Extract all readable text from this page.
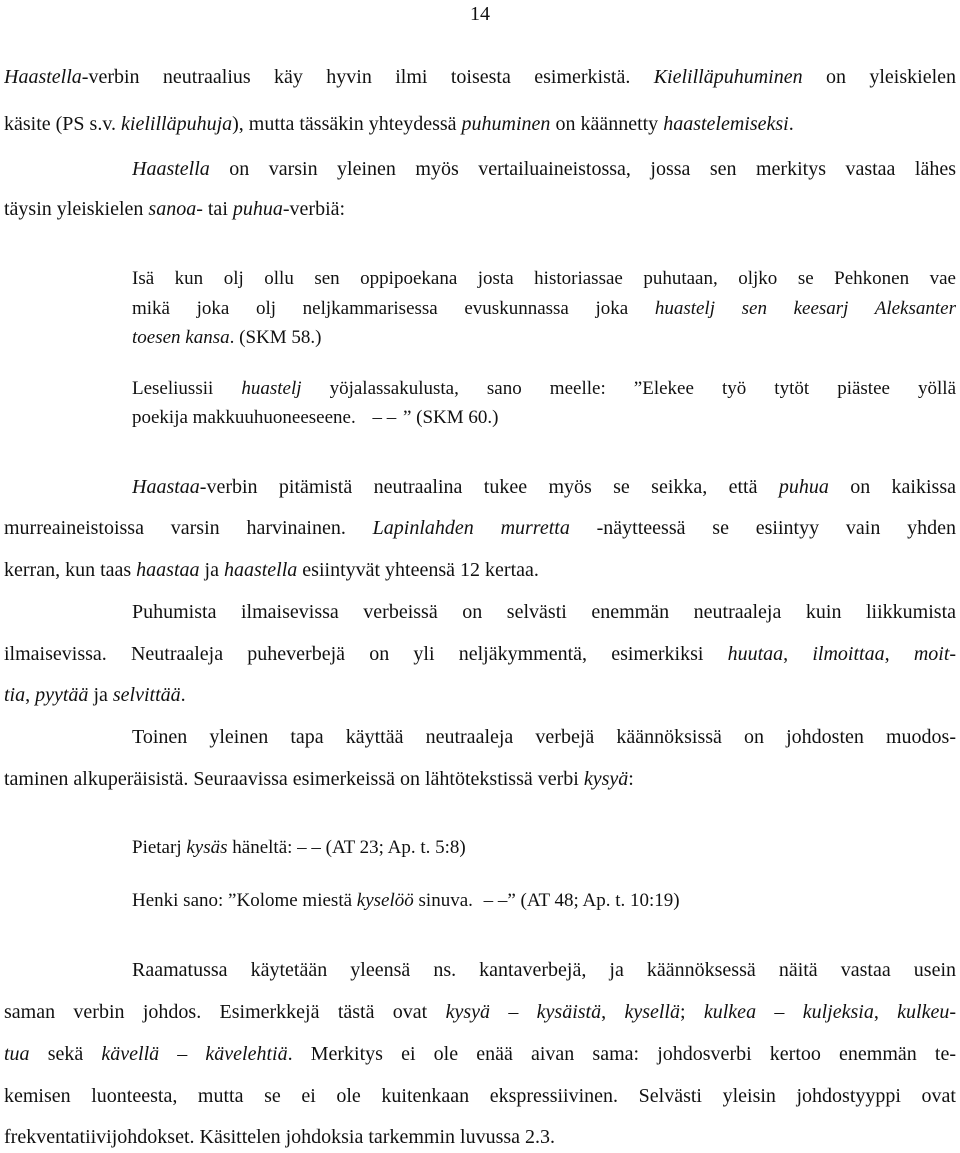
14
Haastella-verbin neutraalius käy hyvin ilmi toisesta esimerkistä. Kielilläpuhuminen on yleiskielen
käsite (PS s.v. kielilläpuhuja), mutta tässäkin yhteydessä puhuminen on käännetty haastelemiseksi.
Haastella on varsin yleinen myös vertailuaineistossa, jossa sen merkitys vastaa lähes
täysin yleiskielen sanoa- tai puhua-verbiä:
Isä kun olj ollu sen oppipoekana josta historiassae puhutaan, oljko se Pehkonen vae
mikä joka olj neljkammarisessa evuskunnassa joka huastelj sen keesarj Aleksanter
toesen kansa. (SKM 58.)
Leseliussii huastelj yöjalassakulusta, sano meelle: ”Elekee työ tytöt piästee yöllä
poekija makkuuhuoneeseene. – – ” (SKM 60.)
Haastaa-verbin pitämistä neutraalina tukee myös se seikka, että puhua on kaikissa
murreaineistoissa varsin harvinainen. Lapinlahden murretta -näytteessä se esiintyy vain yhden
kerran, kun taas haastaa ja haastella esiintyvät yhteensä 12 kertaa.
Puhumista ilmaisevissa verbeissä on selvästi enemmän neutraaleja kuin liikkumista
ilmaisevissa. Neutraaleja puheverbejä on yli neljäkymmentä, esimerkiksi huutaa, ilmoittaa, moit-
tia, pyytää ja selvittää.
Toinen yleinen tapa käyttää neutraaleja verbejä käännöksissä on johdosten muodos-
taminen alkuperäisistä. Seuraavissa esimerkeissä on lähtötekstissä verbi kysyä:
Pietarj kysäs häneltä: – – (AT 23; Ap. t. 5:8)
Henki sano: ”Kolome miestä kyselöö sinuva. – –” (AT 48; Ap. t. 10:19)
Raamatussa käytetään yleensä ns. kantaverbejä, ja käännöksessä näitä vastaa usein
saman verbin johdos. Esimerkkejä tästä ovat kysyä – kysäistä, kysellä; kulkea – kuljeksia, kulkeu-
tua sekä kävellä – kävelehtiä. Merkitys ei ole enää aivan sama: johdosverbi kertoo enemmän te-
kemisen luonteesta, mutta se ei ole kuitenkaan ekspressiivinen. Selvästi yleisin johdostyyppi ovat
frekventatiivijohdokset. Käsittelen johdoksia tarkemmin luvussa 2.3.
